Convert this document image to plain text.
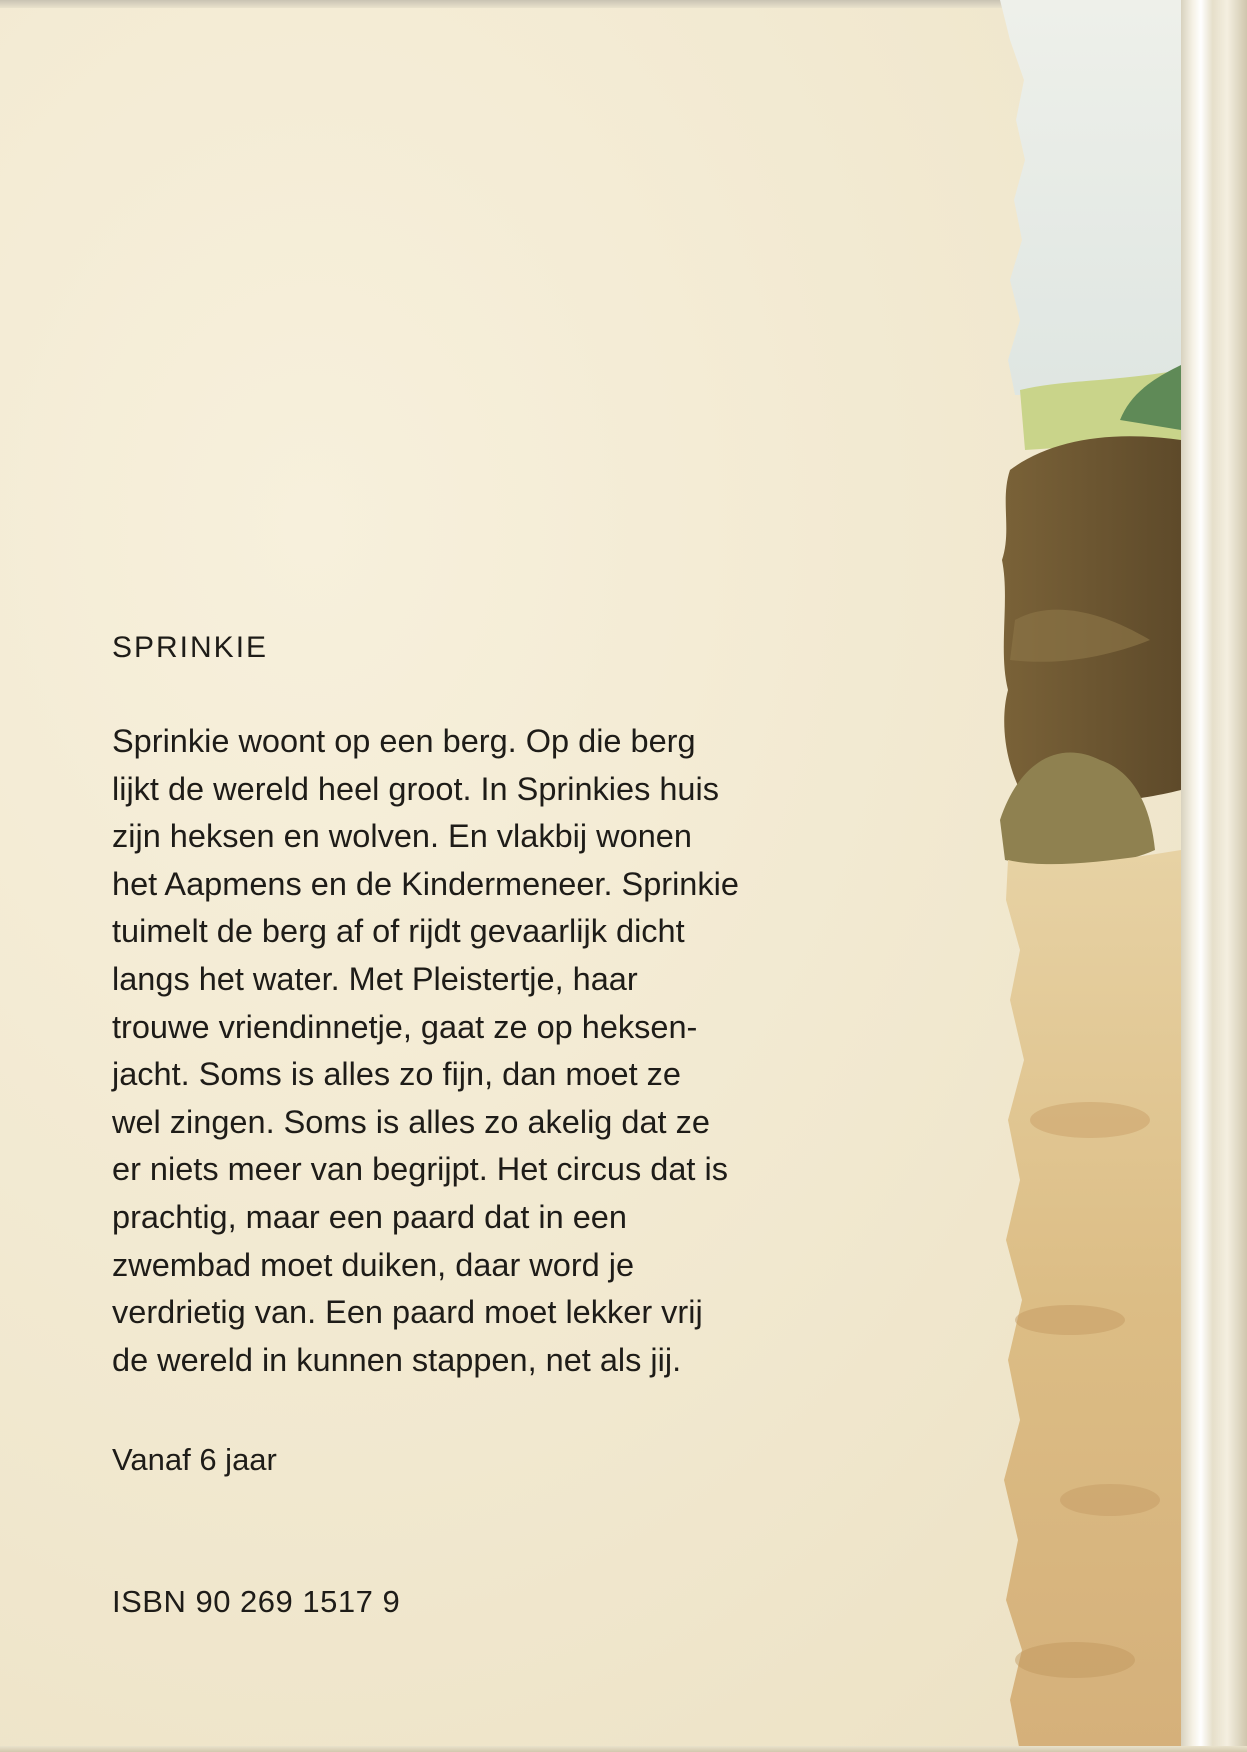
SPRINKIE

Sprinkie woont op een berg. Op die berg
lijkt de wereld heel groot. In Sprinkies huis
zijn heksen en wolven. En vlakbij wonen
het Aapmens en de Kindermeneer. Sprinkie
tuimelt de berg af of rijdt gevaarlijk dicht
langs het water. Met Pleistertje, haar
trouwe vriendinnetje, gaat ze op heksen-
jacht. Soms is alles zo fijn, dan moet ze
wel zingen. Soms is alles zo akelig dat ze
er niets meer van begrijpt. Het circus dat is
prachtig, maar een paard dat in een
zwembad moet duiken, daar word je
verdrietig van. Een paard moet lekker vrij
de wereld in kunnen stappen, net als jij.

Vanaf 6 jaar

ISBN 90 269 1517 9
